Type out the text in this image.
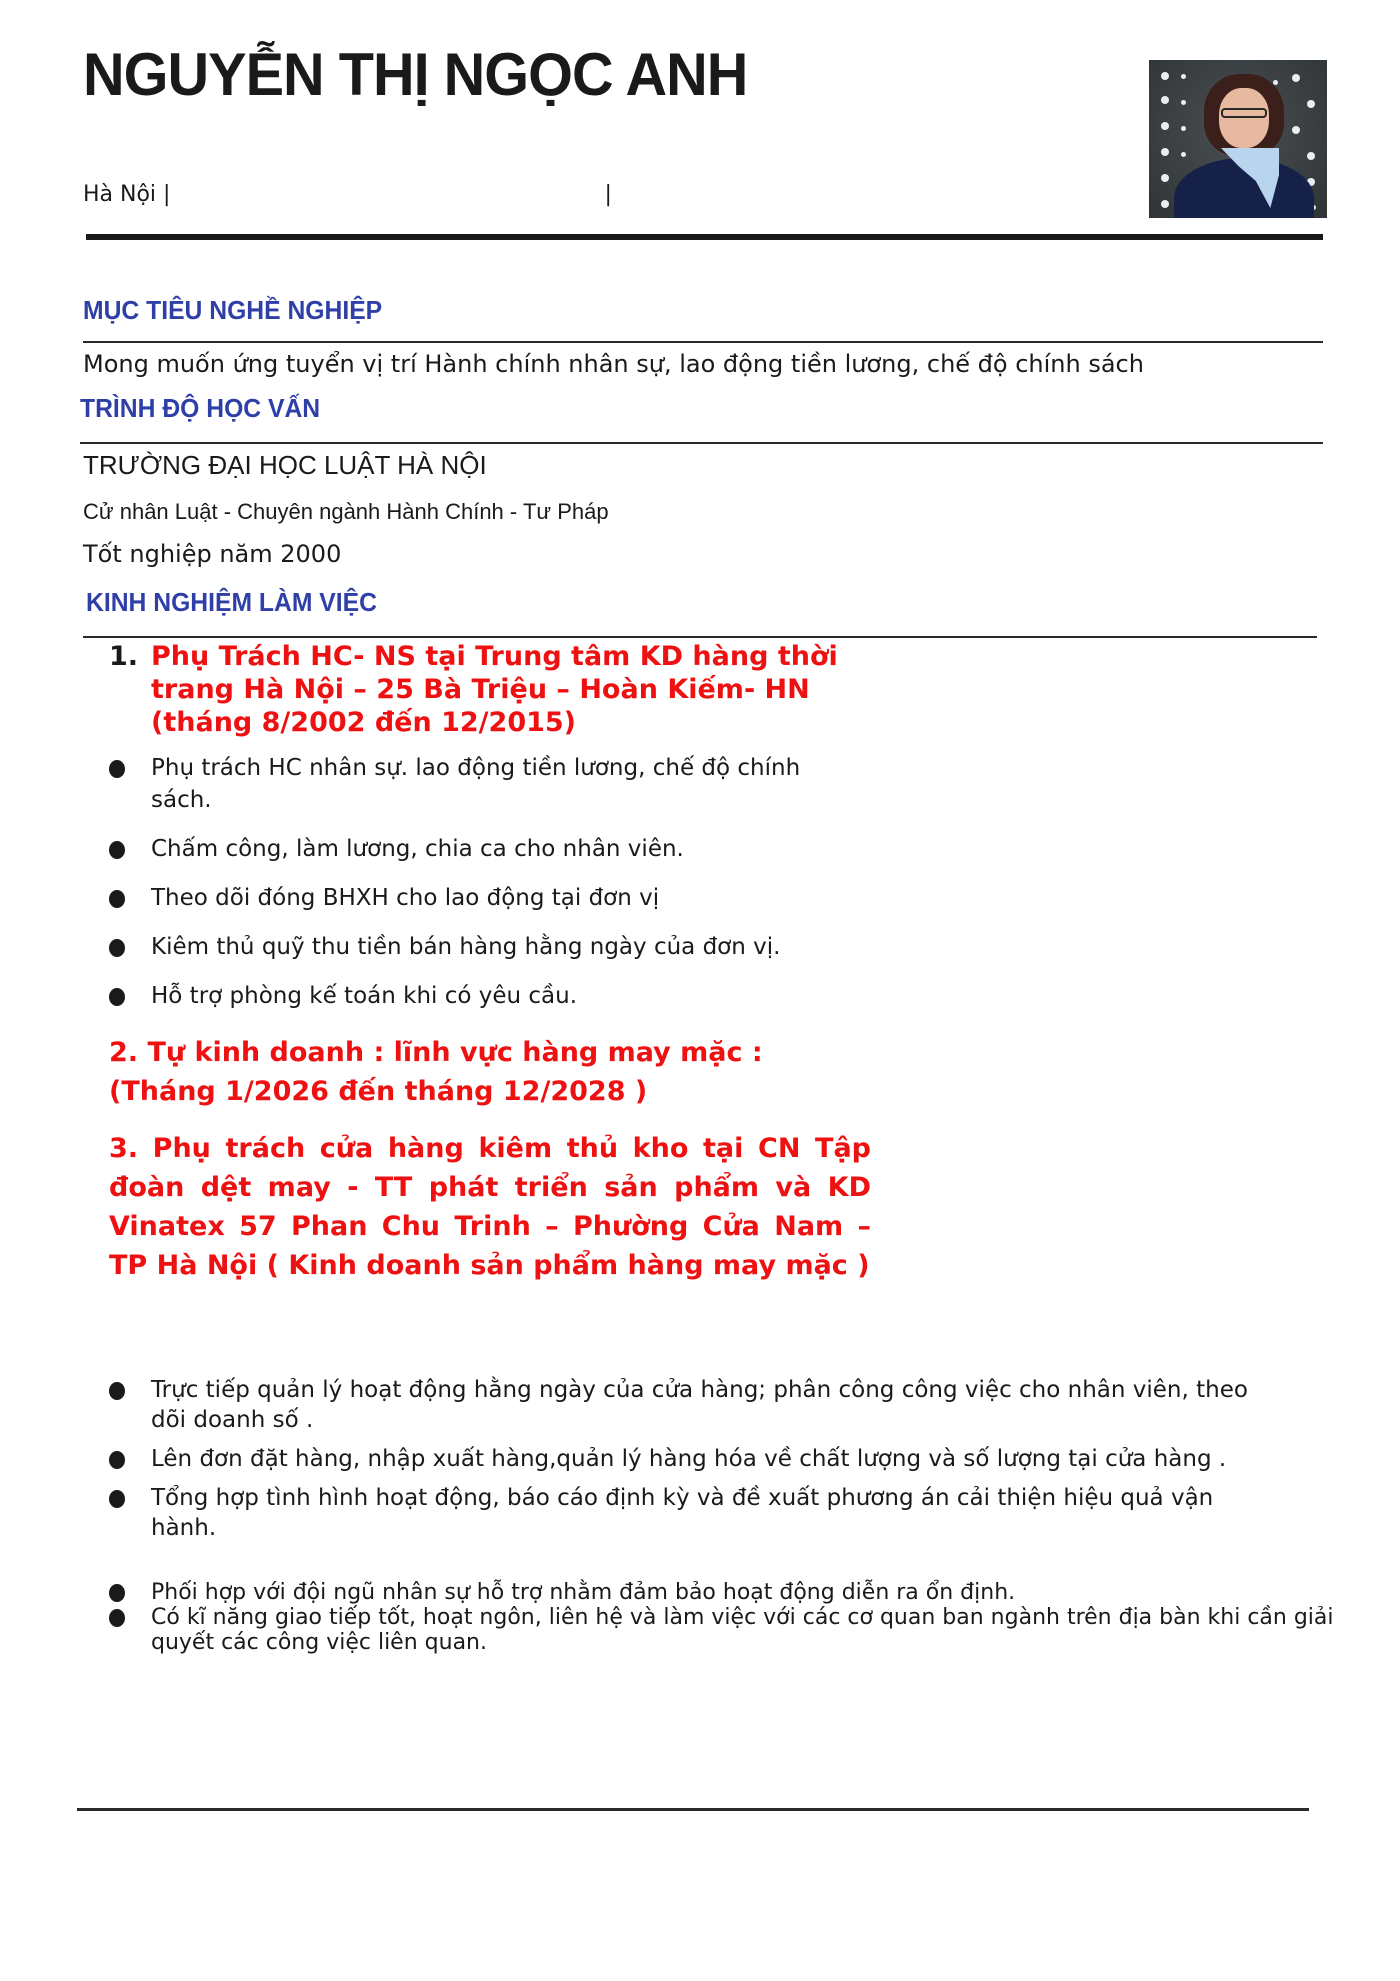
NGUYỄN THỊ NGỌC ANH
Hà Nội |	|
MỤC TIÊU NGHỀ NGHIỆP
Mong muốn ứng tuyển vị trí Hành chính nhân sự, lao động tiền lương, chế độ chính sách
TRÌNH ĐỘ HỌC VẤN
TRƯỜNG ĐẠI HỌC LUẬT HÀ NỘI
Cử nhân Luật - Chuyên ngành Hành Chính - Tư Pháp
Tốt nghiệp năm 2000
KINH NGHIỆM LÀM VIỆC
1. Phụ Trách HC- NS tại Trung tâm KD hàng thời
trang Hà Nội – 25 Bà Triệu – Hoàn Kiếm- HN
(tháng 8/2002 đến 12/2015)
Phụ trách HC nhân sự. lao động tiền lương, chế độ chính sách.
Chấm công, làm lương, chia ca cho nhân viên.
Theo dõi đóng BHXH cho lao động tại đơn vị
Kiêm thủ quỹ thu tiền bán hàng hằng ngày của đơn vị.
Hỗ trợ phòng kế toán khi có yêu cầu.
2. Tự kinh doanh : lĩnh vực hàng may mặc :
(Tháng 1/2026 đến tháng 12/2028 )
3. Phụ trách cửa hàng kiêm thủ kho tại CN Tập đoàn dệt may - TT phát triển sản phẩm và KD Vinatex 57 Phan Chu Trinh – Phường Cửa Nam – TP Hà Nội ( Kinh doanh sản phẩm hàng may mặc )
Trực tiếp quản lý hoạt động hằng ngày của cửa hàng; phân công công việc cho nhân viên, theo dõi doanh số .
Lên đơn đặt hàng, nhập xuất hàng,quản lý hàng hóa về chất lượng và số lượng tại cửa hàng .
Tổng hợp tình hình hoạt động, báo cáo định kỳ và đề xuất phương án cải thiện hiệu quả vận hành.
Phối hợp với đội ngũ nhân sự hỗ trợ nhằm đảm bảo hoạt động diễn ra ổn định.
Có kĩ năng giao tiếp tốt, hoạt ngôn, liên hệ và làm việc với các cơ quan ban ngành trên địa bàn khi cần giải quyết các công việc liên quan.
